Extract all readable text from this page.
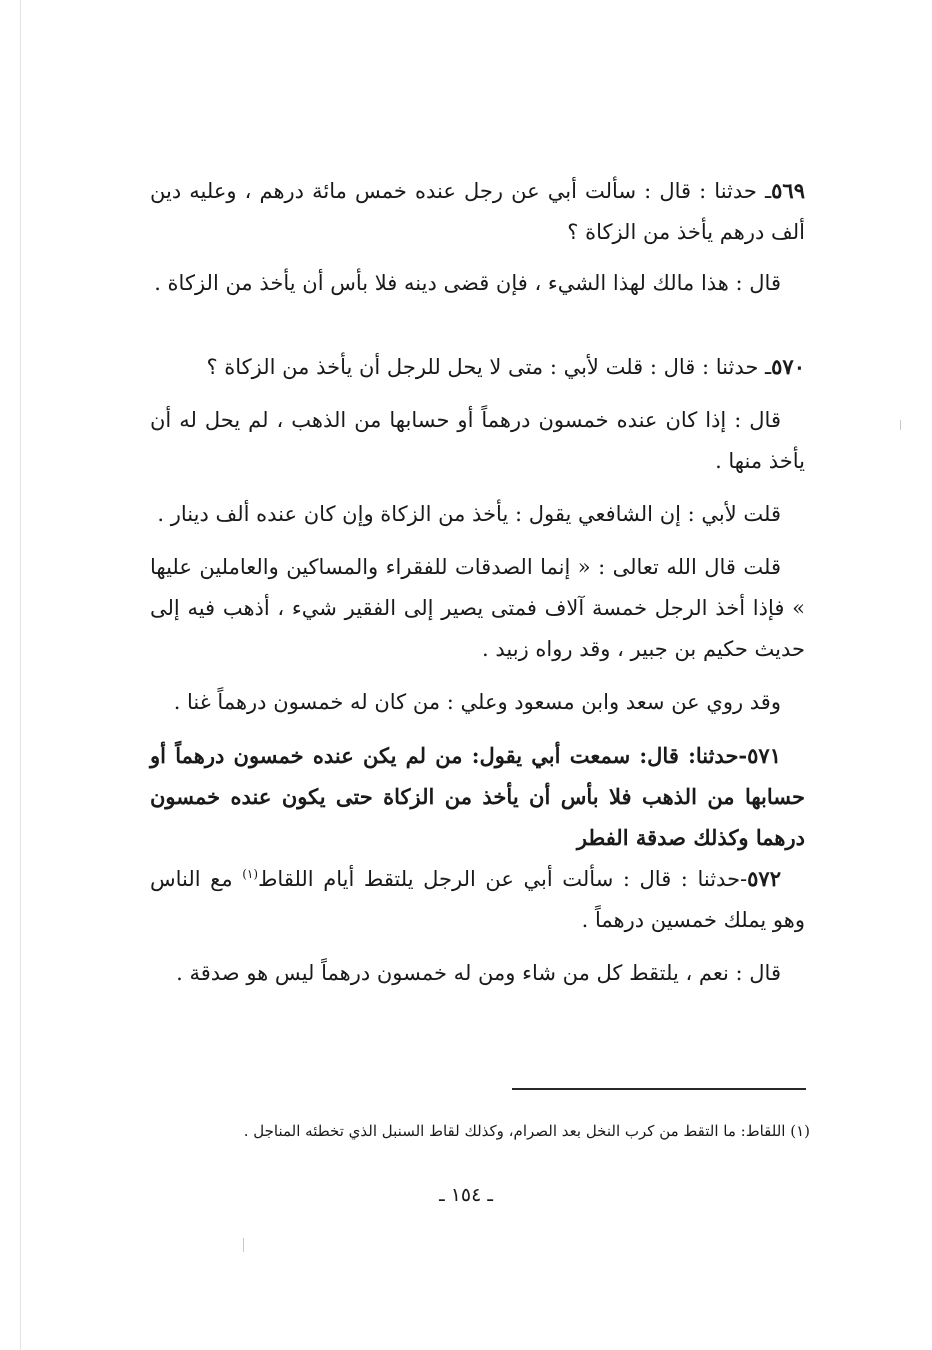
٥٦٩ـ حدثنا : قال : سألت أبي عن رجل عنده خمس مائة درهم ، وعليه دين ألف درهم يأخذ من الزكاة ؟

قال : هذا مالك لهذا الشيء ، فإن قضى دينه فلا بأس أن يأخذ من الزكاة .

٥٧٠ـ حدثنا : قال : قلت لأبي : متى لا يحل للرجل أن يأخذ من الزكاة ؟

قال : إذا كان عنده خمسون درهماً أو حسابها من الذهب ، لم يحل له أن يأخذ منها .

قلت لأبي : إن الشافعي يقول : يأخذ من الزكاة وإن كان عنده ألف دينار .

قلت قال الله تعالى : « إنما الصدقات للفقراء والمساكين والعاملين عليها » فإذا أخذ الرجل خمسة آلاف فمتى يصير إلى الفقير شيء ، أذهب فيه إلى حديث حكيم بن جبير ، وقد رواه زبيد .

وقد روي عن سعد وابن مسعود وعلي : من كان له خمسون درهماً غنا .

٥٧١-حدثنا: قال: سمعت أبي يقول: من لم يكن عنده خمسون درهماً أو حسابها من الذهب فلا بأس أن يأخذ من الزكاة حتى يكون عنده خمسون درهما وكذلك صدقة الفطر

٥٧٢-حدثنا : قال : سألت أبي عن الرجل يلتقط أيام اللقاط$^{(١)}$ مع الناس وهو يملك خمسين درهماً .

قال : نعم ، يلتقط كل من شاء ومن له خمسون درهماً ليس هو صدقة .

(١) اللقاط: ما التقط من كرب النخل بعد الصرام، وكذلك لقاط السنبل الذي تخطئه المناجل .
ـ ١٥٤ ـ
